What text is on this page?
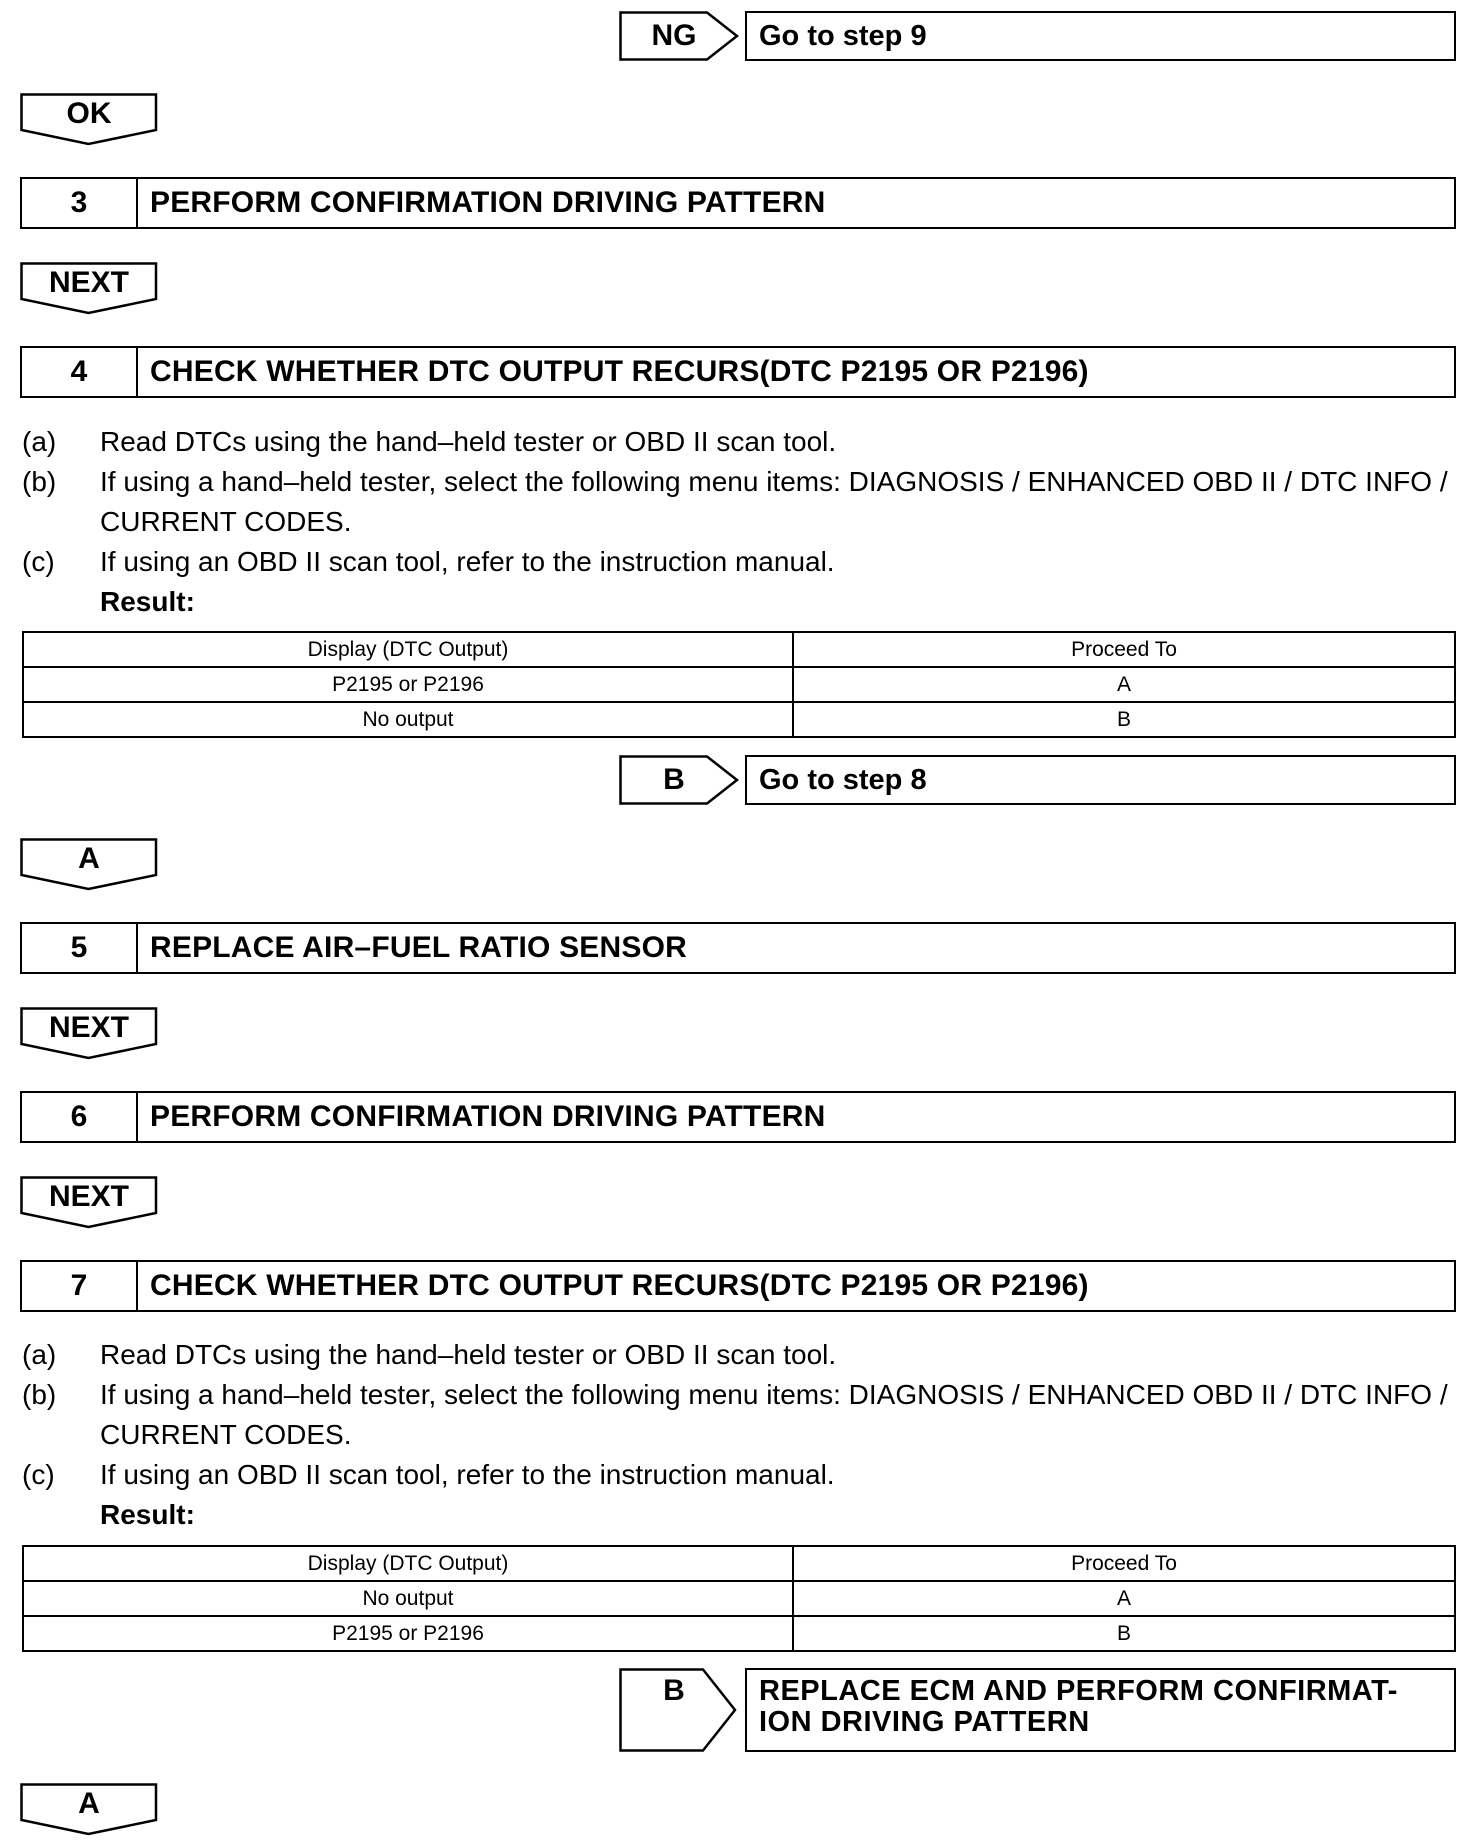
NG	Go to step 9
OK
3	PERFORM CONFIRMATION DRIVING PATTERN
NEXT
4	CHECK WHETHER DTC OUTPUT RECURS(DTC P2195 OR P2196)
(a)	Read DTCs using the hand–held tester or OBD II scan tool.
(b)	If using a hand–held tester, select the following menu items: DIAGNOSIS / ENHANCED OBD II / DTC INFO / CURRENT CODES.
(c)	If using an OBD II scan tool, refer to the instruction manual.
Result:
Display (DTC Output)	Proceed To
P2195 or P2196	A
No output	B
B	Go to step 8
A
5	REPLACE AIR–FUEL RATIO SENSOR
NEXT
6	PERFORM CONFIRMATION DRIVING PATTERN
NEXT
7	CHECK WHETHER DTC OUTPUT RECURS(DTC P2195 OR P2196)
(a)	Read DTCs using the hand–held tester or OBD II scan tool.
(b)	If using a hand–held tester, select the following menu items: DIAGNOSIS / ENHANCED OBD II / DTC INFO / CURRENT CODES.
(c)	If using an OBD II scan tool, refer to the instruction manual.
Result:
Display (DTC Output)	Proceed To
No output	A
P2195 or P2196	B
B	REPLACE ECM AND PERFORM CONFIRMAT-
ION DRIVING PATTERN
A
